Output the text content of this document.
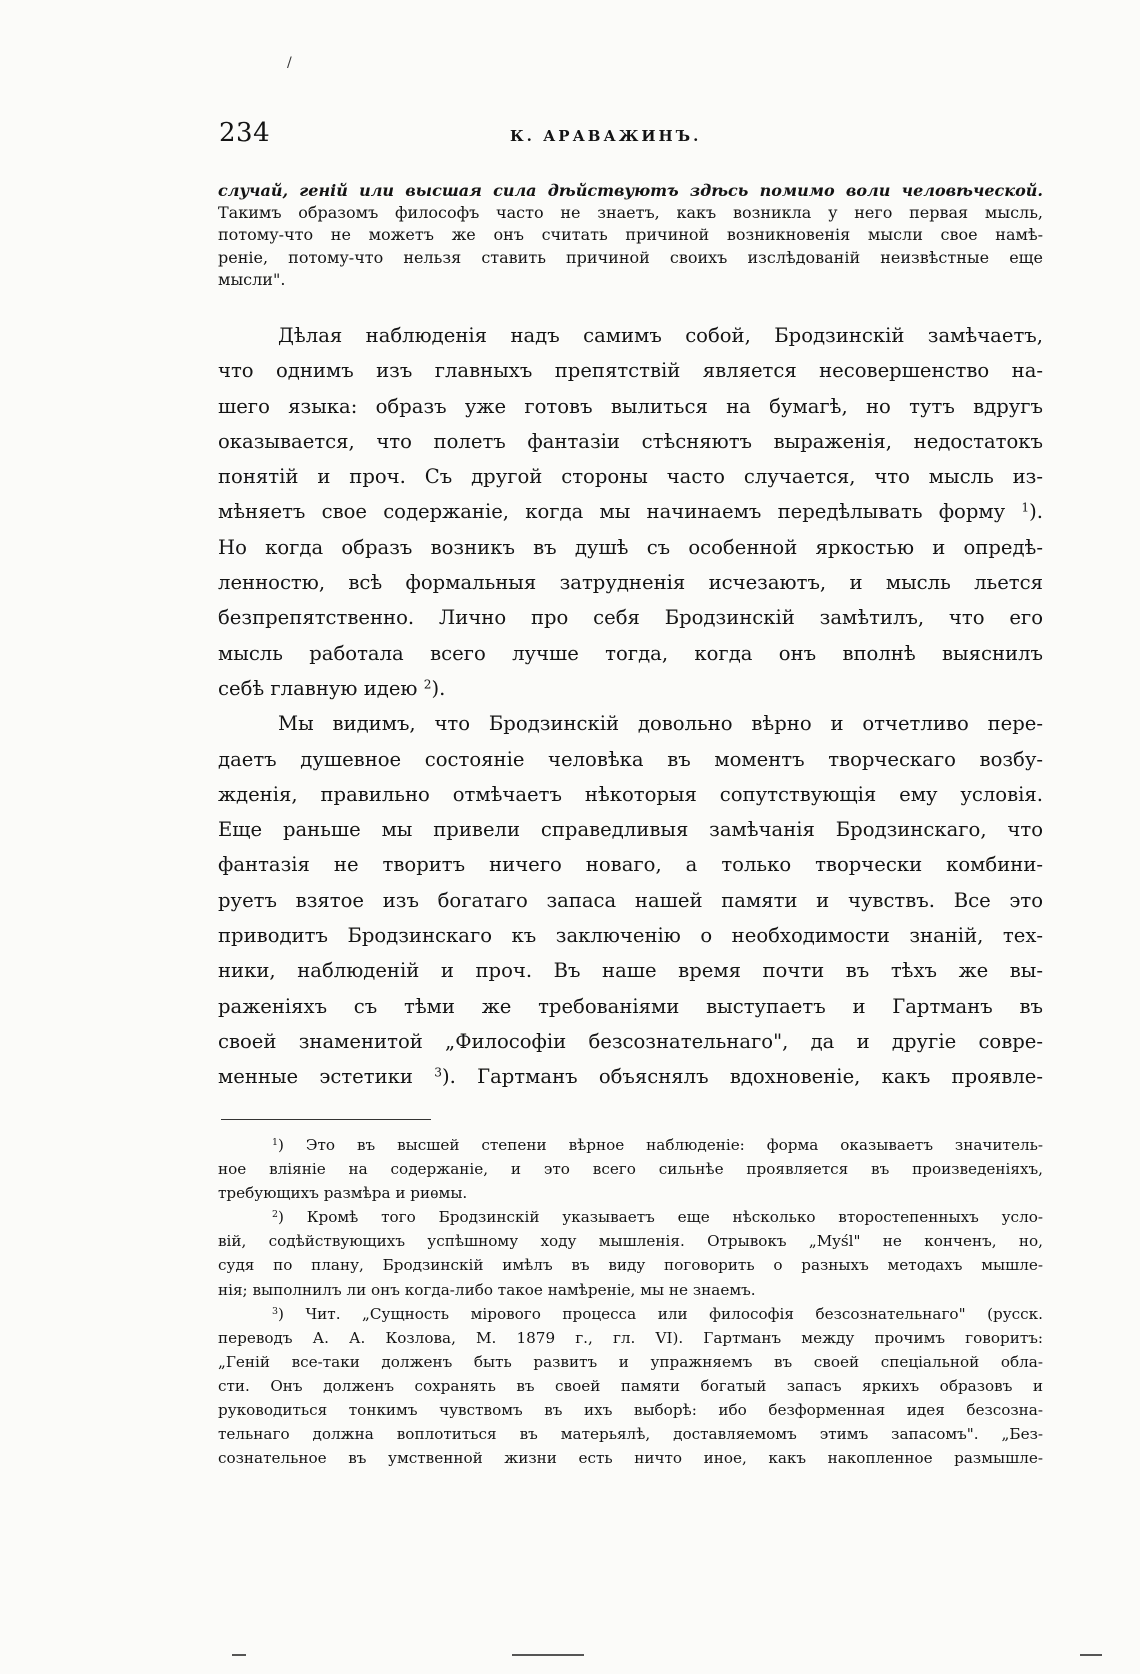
/
234	К. АРАВАЖИНЪ.
случай, генiй или высшая сила дѣйствуютъ здѣсь помимо воли человѣческой.
Такимъ образомъ философъ часто не знаетъ, какъ возникла у него первая мысль,
потому-что не можетъ же онъ считать причиной возникновенiя мысли свое намѣ-
ренiе, потому-что нельзя ставить причиной своихъ изслѣдованiй неизвѣстные еще
мысли".
Дѣлая наблюденiя надъ самимъ собой, Бродзинскiй замѣчаетъ,
что однимъ изъ главныхъ препятствiй является несовершенство на-
шего языка: образъ уже готовъ вылиться на бумагѣ, но тутъ вдругъ
оказывается, что полетъ фантазiи стѣсняютъ выраженiя, недостатокъ
понятiй и проч. Съ другой стороны часто случается, что мысль из-
мѣняетъ свое содержанiе, когда мы начинаемъ передѣлывать форму $^1$).
Но когда образъ возникъ въ душѣ съ особенной яркостью и опредѣ-
ленностю, всѣ формальныя затрудненiя исчезаютъ, и мысль льется
безпрепятственно. Лично про себя Бродзинскiй замѣтилъ, что его
мысль работала всего лучше тогда, когда онъ вполнѣ выяснилъ
себѣ главную идею $^2$).
Мы видимъ, что Бродзинскiй довольно вѣрно и отчетливо пере-
даетъ душевное состоянiе человѣка въ моментъ творческаго возбу-
жденiя, правильно отмѣчаетъ нѣкоторыя сопутствующiя ему условiя.
Еще раньше мы привели справедливыя замѣчанiя Бродзинскаго, что
фантазiя не творитъ ничего новаго, а только творчески комбини-
руетъ взятое изъ богатаго запаса нашей памяти и чувствъ. Все это
приводитъ Бродзинскаго къ заключенiю о необходимости знанiй, тех-
ники, наблюденiй и проч. Въ наше время почти въ тѣхъ же вы-
раженiяхъ съ тѣми же требованiями выступаетъ и Гартманъ въ
своей знаменитой „Философiи безсознательнаго", да и другiе совре-
менные эстетики $^3$). Гартманъ объяснялъ вдохновенiе, какъ проявле-
$^1$) Это въ высшей степени вѣрное наблюденiе: форма оказываетъ значитель-
ное влiянiе на содержанiе, и это всего сильнѣе проявляется въ произведенiяхъ,
требующихъ размѣра и риѳмы.
$^2$) Кромѣ того Бродзинскiй указываетъ еще нѣсколько второстепенныхъ усло-
вiй, содѣйствующихъ успѣшному ходу мышленiя. Отрывокъ „Myśl" не конченъ, но,
судя по плану, Бродзинскiй имѣлъ въ виду поговорить о разныхъ методахъ мышле-
нiя; выполнилъ ли онъ когда-либо такое намѣренiе, мы не знаемъ.
$^3$) Чит. „Сущность мiрового процесса или философiя безсознательнаго" (русск.
переводъ А. А. Козлова, М. 1879 г., гл. VI). Гартманъ между прочимъ говоритъ:
„Генiй все-таки долженъ быть развитъ и упражняемъ въ своей спецiальной обла-
сти. Онъ долженъ сохранять въ своей памяти богатый запасъ яркихъ образовъ и
руководиться тонкимъ чувствомъ въ ихъ выборѣ: ибо безформенная идея безсозна-
тельнаго должна воплотиться въ матерьялѣ, доставляемомъ этимъ запасомъ". „Без-
сознательное въ умственной жизни есть ничто иное, какъ накопленное размышле-
